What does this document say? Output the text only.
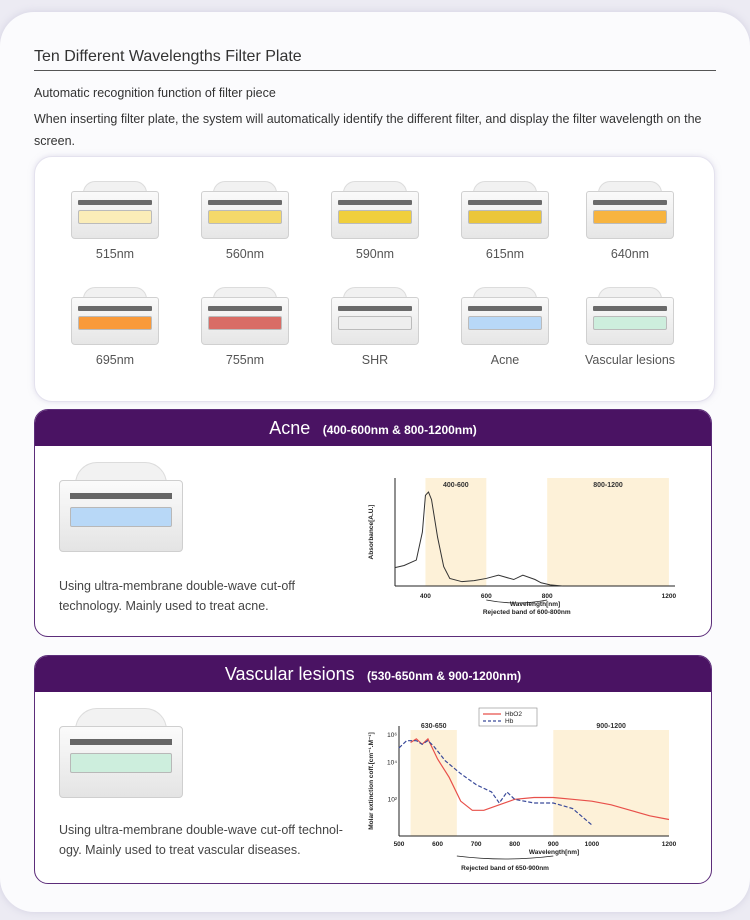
Ten Different Wavelengths Filter Plate
Automatic recognition function of filter piece
When inserting filter plate, the system will automatically identify the different filter, and display the filter wavelength on the screen.
515nm	560nm	590nm	615nm	640nm
695nm	755nm	SHR	Acne	Vascular lesions
Acne (400-600nm & 800-1200nm)
Using ultra-membrane double-wave cut-off technology. Mainly used to treat acne.
400-600	800-1200
400	600	800	1200
Wavelength[nm]
Absorbance[A.U.]
Rejected band of 600-800nm
Vascular lesions (530-650nm & 900-1200nm)
Using ultra-membrane double-wave cut-off technol-ogy. Mainly used to treat vascular diseases.
630-650	900-1200
10⁶
10⁴
10²
500	600	700	800	900	1000	1200
HbO2
Hb
Wavelength[nm]
Molar extinction coff.[cm⁻¹.M⁻¹]
Rejected band of 650-900nm
